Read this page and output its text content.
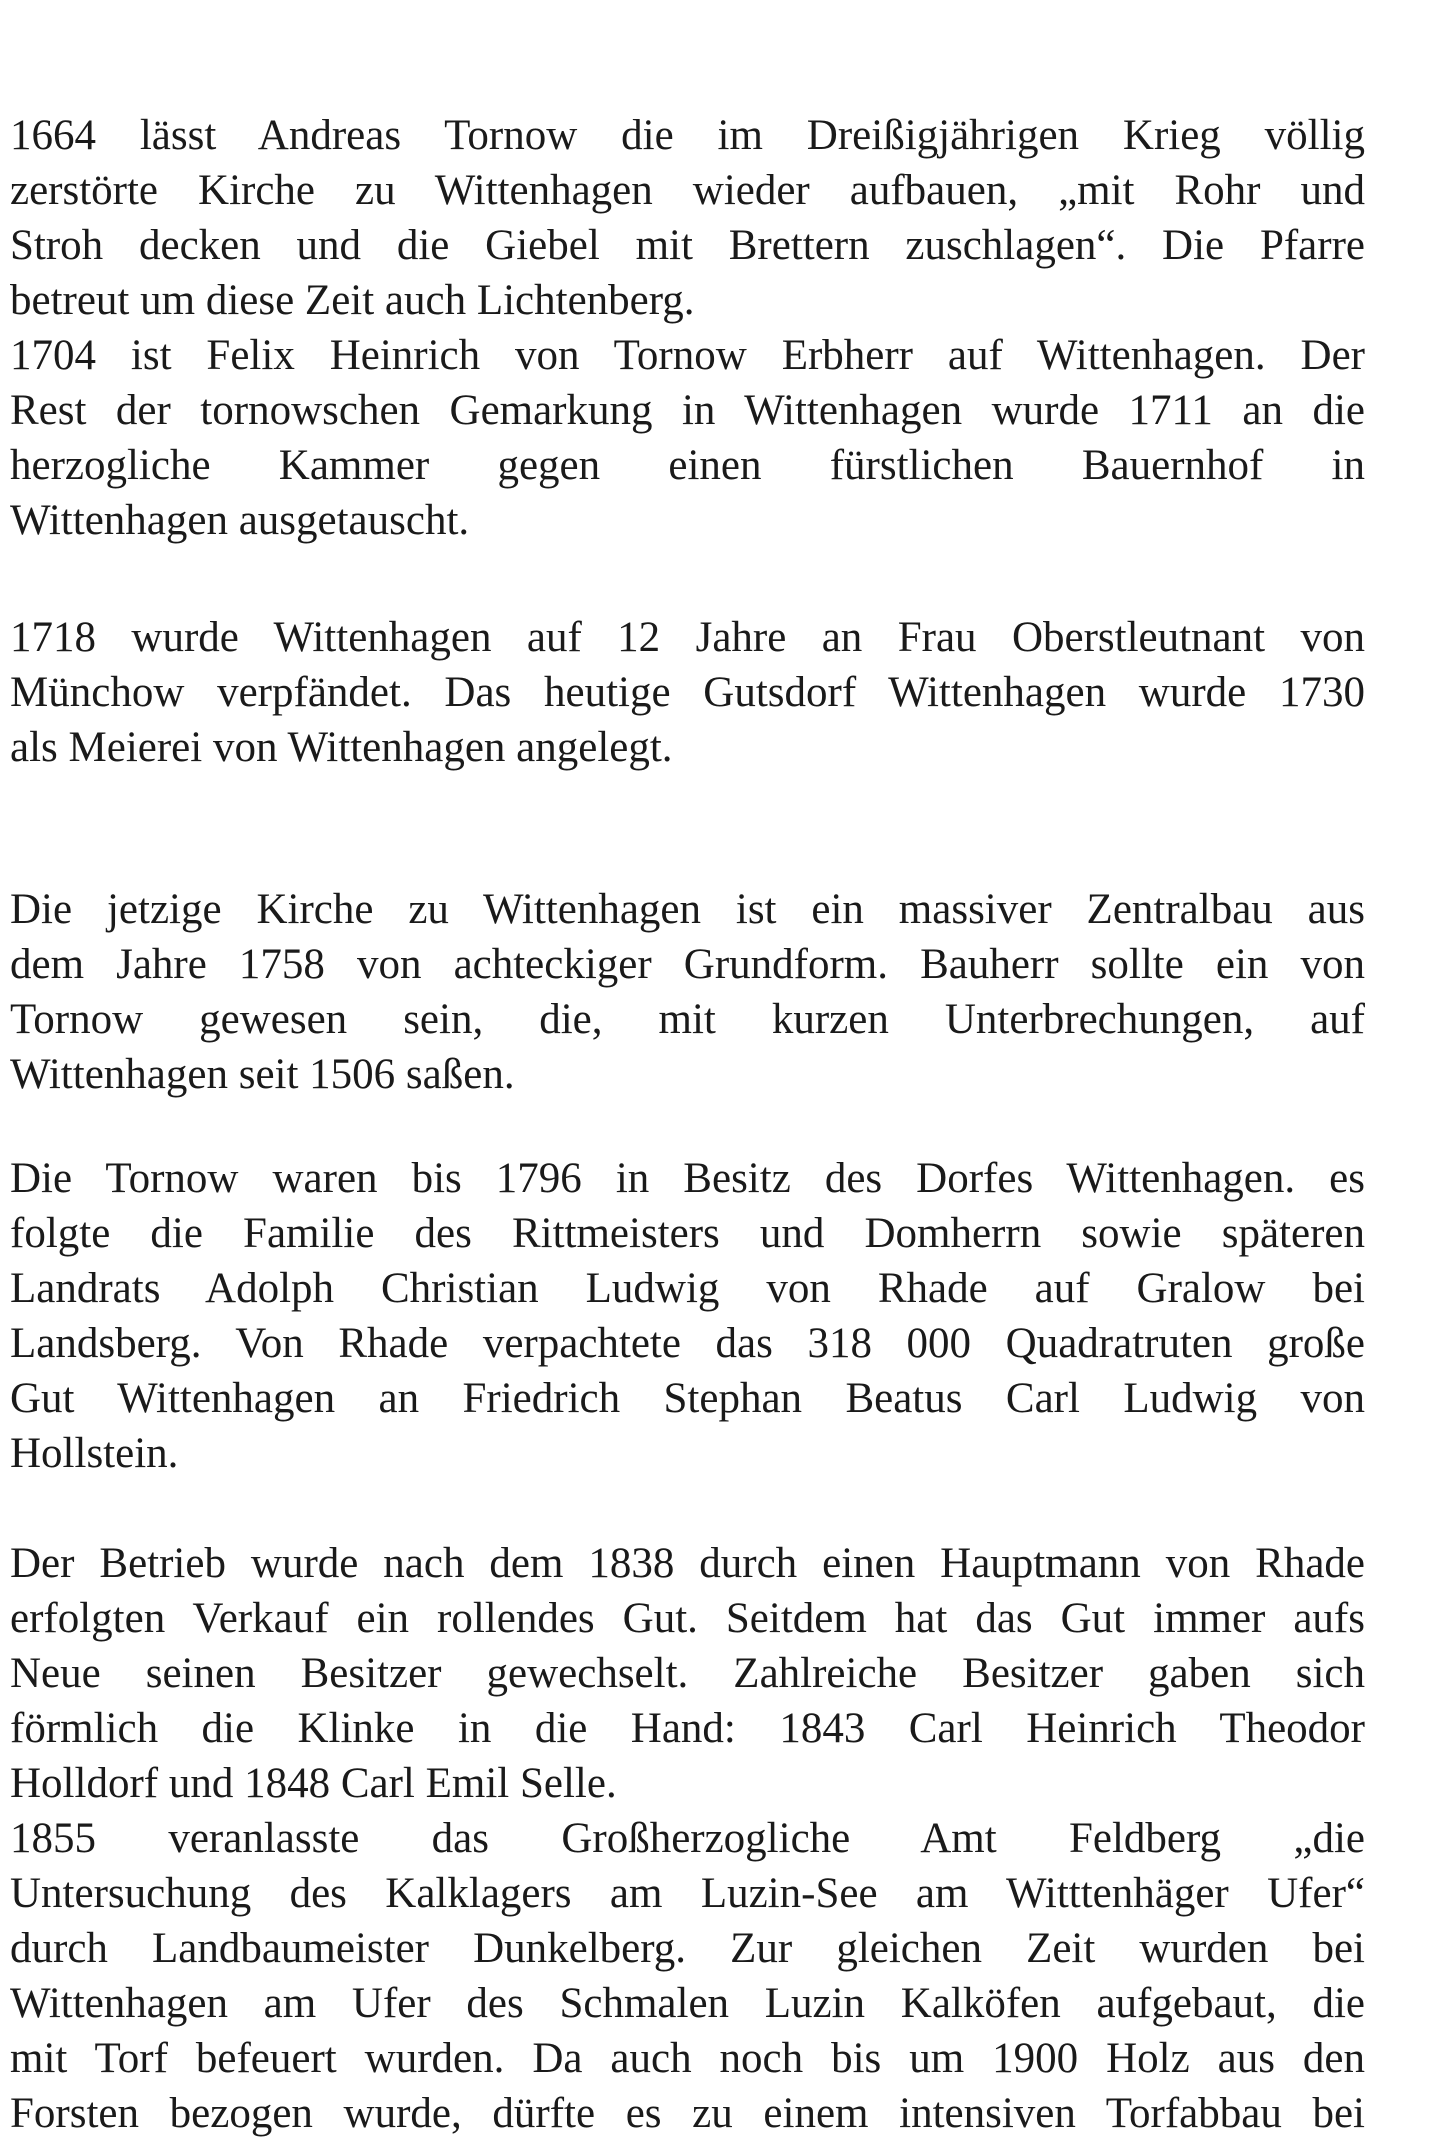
1664 lässt Andreas Tornow die im Dreißigjährigen Krieg völlig
zerstörte Kirche zu Wittenhagen wieder aufbauen, „mit Rohr und
Stroh decken und die Giebel mit Brettern zuschlagen“. Die Pfarre
betreut um diese Zeit auch Lichtenberg.
1704 ist Felix Heinrich von Tornow Erbherr auf Wittenhagen. Der
Rest der tornowschen Gemarkung in Wittenhagen wurde 1711 an die
herzogliche Kammer gegen einen fürstlichen Bauernhof in
Wittenhagen ausgetauscht.
1718 wurde Wittenhagen auf 12 Jahre an Frau Oberstleutnant von
Münchow verpfändet. Das heutige Gutsdorf Wittenhagen wurde 1730
als Meierei von Wittenhagen angelegt.
Die jetzige Kirche zu Wittenhagen ist ein massiver Zentralbau aus
dem Jahre 1758 von achteckiger Grundform. Bauherr sollte ein von
Tornow gewesen sein, die, mit kurzen Unterbrechungen, auf
Wittenhagen seit 1506 saßen.
Die Tornow waren bis 1796 in Besitz des Dorfes Wittenhagen. es
folgte die Familie des Rittmeisters und Domherrn sowie späteren
Landrats Adolph Christian Ludwig von Rhade auf Gralow bei
Landsberg. Von Rhade verpachtete das 318 000 Quadratruten große
Gut Wittenhagen an Friedrich Stephan Beatus Carl Ludwig von
Hollstein.
Der Betrieb wurde nach dem 1838 durch einen Hauptmann von Rhade
erfolgten Verkauf ein rollendes Gut. Seitdem hat das Gut immer aufs
Neue seinen Besitzer gewechselt. Zahlreiche Besitzer gaben sich
förmlich die Klinke in die Hand: 1843 Carl Heinrich Theodor
Holldorf und 1848 Carl Emil Selle.
1855 veranlasste das Großherzogliche Amt Feldberg „die
Untersuchung des Kalklagers am Luzin-See am Witttenhäger Ufer“
durch Landbaumeister Dunkelberg. Zur gleichen Zeit wurden bei
Wittenhagen am Ufer des Schmalen Luzin Kalköfen aufgebaut, die
mit Torf befeuert wurden. Da auch noch bis um 1900 Holz aus den
Forsten bezogen wurde, dürfte es zu einem intensiven Torfabbau bei
